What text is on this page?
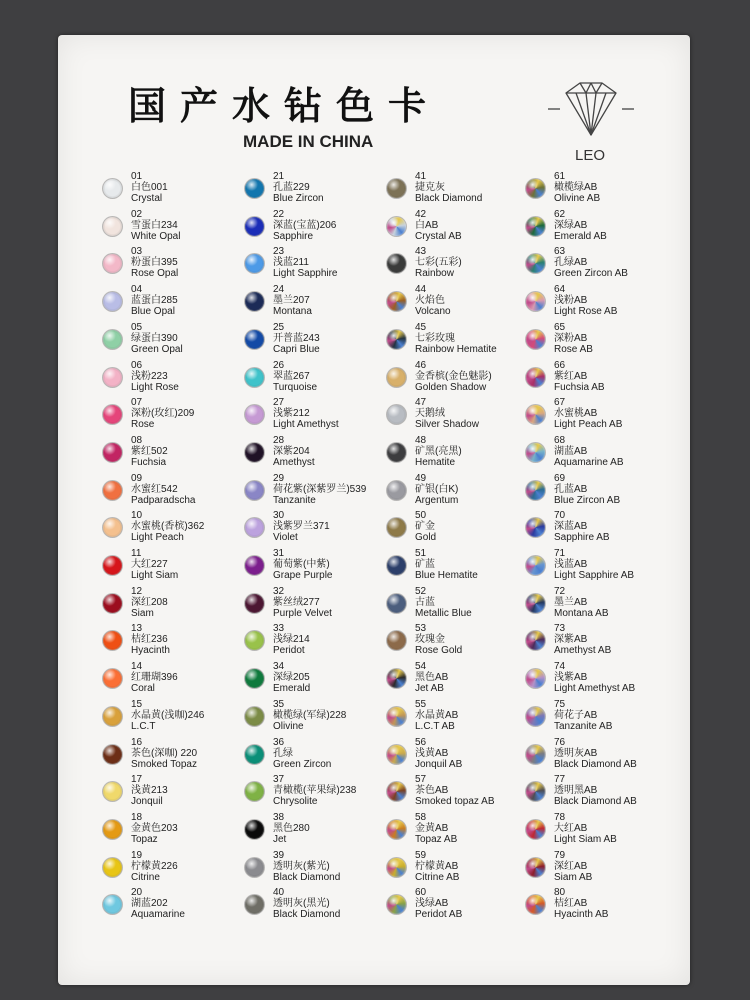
国产水钻色卡
MADE IN CHINA
LEO
01
白色001
Crystal
02
雪蛋白234
White Opal
03
粉蛋白395
Rose Opal
04
蓝蛋白285
Blue Opal
05
绿蛋白390
Green Opal
06
浅粉223
Light Rose
07
深粉(玫红)209
Rose
08
紫红502
Fuchsia
09
水蜜红542
Padparadscha
10
水蜜桃(香槟)362
Light Peach
11
大红227
Light Siam
12
深红208
Siam
13
桔红236
Hyacinth
14
红珊瑚396
Coral
15
水晶黄(浅咖)246
L.C.T
16
茶色(深咖) 220
Smoked Topaz
17
浅黄213
Jonquil
18
金黄色203
Topaz
19
柠檬黄226
Citrine
20
湖蓝202
Aquamarine
21
孔蓝229
Blue Zircon
22
深蓝(宝蓝)206
Sapphire
23
浅蓝211
Light Sapphire
24
墨兰207
Montana
25
开普蓝243
Capri Blue
26
翠蓝267
Turquoise
27
浅紫212
Light Amethyst
28
深紫204
Amethyst
29
荷花紫(深紫罗兰)539
Tanzanite
30
浅紫罗兰371
Violet
31
葡萄紫(中紫)
Grape Purple
32
紫丝绒277
Purple Velvet
33
浅绿214
Peridot
34
深绿205
Emerald
35
橄榄绿(军绿)228
Olivine
36
孔绿
Green Zircon
37
青橄榄(苹果绿)238
Chrysolite
38
黑色280
Jet
39
透明灰(紫光)
Black Diamond
40
透明灰(黑光)
Black Diamond
41
捷克灰
Black Diamond
42
白AB
Crystal AB
43
七彩(五彩)
Rainbow
44
火焰色
Volcano
45
七彩玫瑰
Rainbow Hematite
46
金香槟(金色魅影)
Golden Shadow
47
天鹅绒
Silver Shadow
48
矿黑(亮黑)
Hematite
49
矿银(白K)
Argentum
50
矿金
Gold
51
矿蓝
Blue Hematite
52
古蓝
Metallic Blue
53
玫瑰金
Rose Gold
54
黑色AB
Jet AB
55
水晶黄AB
L.C.T AB
56
浅黄AB
Jonquil AB
57
茶色AB
Smoked topaz AB
58
金黄AB
Topaz AB
59
柠檬黄AB
Citrine AB
60
浅绿AB
Peridot AB
61
橄榄绿AB
Olivine AB
62
深绿AB
Emerald AB
63
孔绿AB
Green Zircon AB
64
浅粉AB
Light Rose AB
65
深粉AB
Rose AB
66
紫红AB
Fuchsia AB
67
水蜜桃AB
Light Peach AB
68
湖蓝AB
Aquamarine AB
69
孔蓝AB
Blue Zircon AB
70
深蓝AB
Sapphire AB
71
浅蓝AB
Light Sapphire AB
72
墨兰AB
Montana AB
73
深紫AB
Amethyst AB
74
浅紫AB
Light Amethyst AB
75
荷花子AB
Tanzanite AB
76
透明灰AB
Black Diamond AB
77
透明黑AB
Black Diamond AB
78
大红AB
Light Siam AB
79
深红AB
Siam AB
80
桔红AB
Hyacinth AB
